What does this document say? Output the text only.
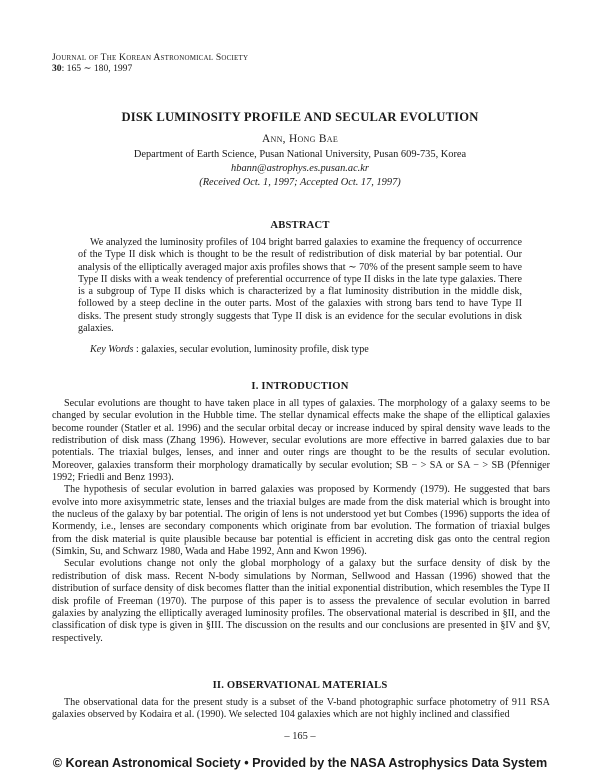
Journal of The Korean Astronomical Society
30: 165 ∼ 180, 1997
DISK LUMINOSITY PROFILE AND SECULAR EVOLUTION
Ann, Hong Bae
Department of Earth Science, Pusan National University, Pusan 609-735, Korea
hbann@astrophys.es.pusan.ac.kr
(Received Oct. 1, 1997; Accepted Oct. 17, 1997)
ABSTRACT

We analyzed the luminosity profiles of 104 bright barred galaxies to examine the frequency of occurrence of the Type II disk which is thought to be the result of redistribution of disk material by bar potential. Our analysis of the elliptically averaged major axis profiles shows that ∼ 70% of the present sample seem to have Type II disks with a weak tendency of preferential occurrence of type II disks in the late type galaxies. There is a subgroup of Type II disks which is characterized by a flat luminosity distribution in the middle disk, followed by a steep decline in the outer parts. Most of the galaxies with strong bars tend to have Type II disks. The present study strongly suggests that Type II disk is an evidence for the secular evolutions in disk galaxies.

Key Words : galaxies, secular evolution, luminosity profile, disk type
I. INTRODUCTION

Secular evolutions are thought to have taken place in all types of galaxies. The morphology of a galaxy seems to be changed by secular evolution in the Hubble time. The stellar dynamical effects make the shape of the elliptical galaxies become rounder (Statler et al. 1996) and the secular orbital decay or increase induced by spiral density wave leads to the redistribution of disk mass (Zhang 1996). However, secular evolutions are more effective in barred galaxies due to bar potentials. The triaxial bulges, lenses, and inner and outer rings are thought to be the results of secular evolution. Moreover, galaxies transform their morphology dramatically by secular evolution; SB − > SA or SA − > SB (Pfenniger 1992; Friedli and Benz 1993).

The hypothesis of secular evolution in barred galaxies was proposed by Kormendy (1979). He suggested that bars evolve into more axisymmetric state, lenses and the triaxial bulges are made from the disk material which is brought into the nucleus of the galaxy by bar potential. The origin of lens is not understood yet but Combes (1996) supports the idea of Kormendy, i.e., lenses are secondary components which originate from bar evolution. The formation of triaxial bulges from the disk material is quite plausible because bar potential is efficient in accreting disk gas onto the central region (Simkin, Su, and Schwarz 1980, Wada and Habe 1992, Ann and Kwon 1996).

Secular evolutions change not only the global morphology of a galaxy but the surface density of disk by the redistribution of disk mass. Recent N-body simulations by Norman, Sellwood and Hassan (1996) showed that the distribution of surface density of disk becomes flatter than the initial exponential distribution, which resembles the Type II disk profile of Freeman (1970). The purpose of this paper is to assess the prevalence of secular evolution in barred galaxies by analyzing the elliptically averaged luminosity profiles. The observational material is described in §II, and the classification of disk type is given in §III. The discussion on the results and our conclusions are presented in §IV and §V, respectively.

II. OBSERVATIONAL MATERIALS

The observational data for the present study is a subset of the V-band photographic surface photometry of 911 RSA galaxies observed by Kodaira et al. (1990). We selected 104 galaxies which are not highly inclined and classified

– 165 –
© Korean Astronomical Society • Provided by the NASA Astrophysics Data System
